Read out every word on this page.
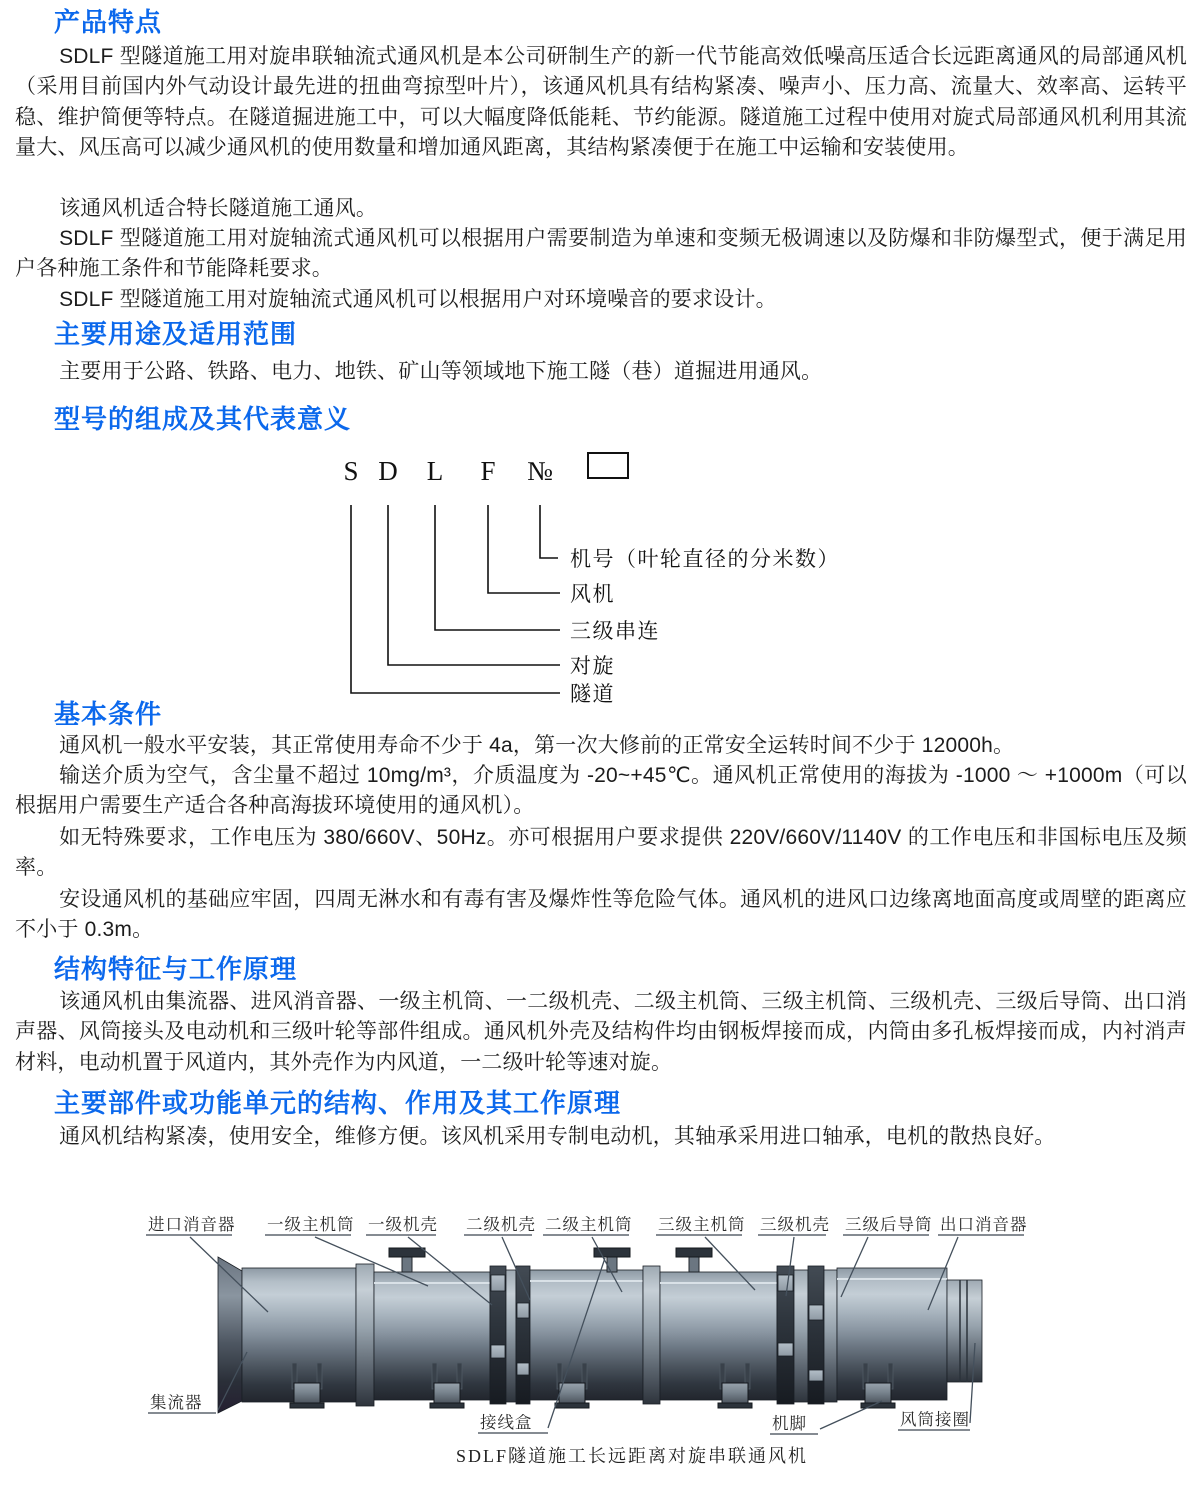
产品特点
SDLF 型隧道施工用对旋串联轴流式通风机是本公司研制生产的新一代节能高效低噪高压适合长远距离通风的局部通风机（采用目前国内外气动设计最先进的扭曲弯掠型叶片），该通风机具有结构紧凑、噪声小、压力高、流量大、效率高、运转平稳、维护简便等特点。在隧道掘进施工中，可以大幅度降低能耗、节约能源。隧道施工过程中使用对旋式局部通风机利用其流量大、风压高可以减少通风机的使用数量和增加通风距离，其结构紧凑便于在施工中运输和安装使用。
该通风机适合特长隧道施工通风。
SDLF 型隧道施工用对旋轴流式通风机可以根据用户需要制造为单速和变频无极调速以及防爆和非防爆型式，便于满足用户各种施工条件和节能降耗要求。
SDLF 型隧道施工用对旋轴流式通风机可以根据用户对环境噪音的要求设计。
主要用途及适用范围
主要用于公路、铁路、电力、地铁、矿山等领域地下施工隧（巷）道掘进用通风。
型号的组成及其代表意义
S D L F №
机号（叶轮直径的分米数）
风机
三级串连
对旋
隧道
基本条件
通风机一般水平安装，其正常使用寿命不少于 4a，第一次大修前的正常安全运转时间不少于 12000h。
输送介质为空气，含尘量不超过 10mg/m³，介质温度为 -20~+45℃。通风机正常使用的海拔为 -1000 ～ +1000m（可以根据用户需要生产适合各种高海拔环境使用的通风机）。
如无特殊要求，工作电压为 380/660V、50Hz。亦可根据用户要求提供 220V/660V/1140V 的工作电压和非国标电压及频率。
安设通风机的基础应牢固，四周无淋水和有毒有害及爆炸性等危险气体。通风机的进风口边缘离地面高度或周壁的距离应不小于 0.3m。
结构特征与工作原理
该通风机由集流器、进风消音器、一级主机筒、一二级机壳、二级主机筒、三级主机筒、三级机壳、三级后导筒、出口消声器、风筒接头及电动机和三级叶轮等部件组成。通风机外壳及结构件均由钢板焊接而成，内筒由多孔板焊接而成，内衬消声材料，电动机置于风道内，其外壳作为内风道，一二级叶轮等速对旋。
主要部件或功能单元的结构、作用及其工作原理
通风机结构紧凑，使用安全，维修方便。该风机采用专制电动机，其轴承采用进口轴承，电机的散热良好。
进口消音器 一级主机筒 一级机壳 二级机壳 二级主机筒 三级主机筒 三级机壳 三级后导筒 出口消音器
集流器
接线盒	机脚	风筒接圈
SDLF隧道施工长远距离对旋串联通风机
